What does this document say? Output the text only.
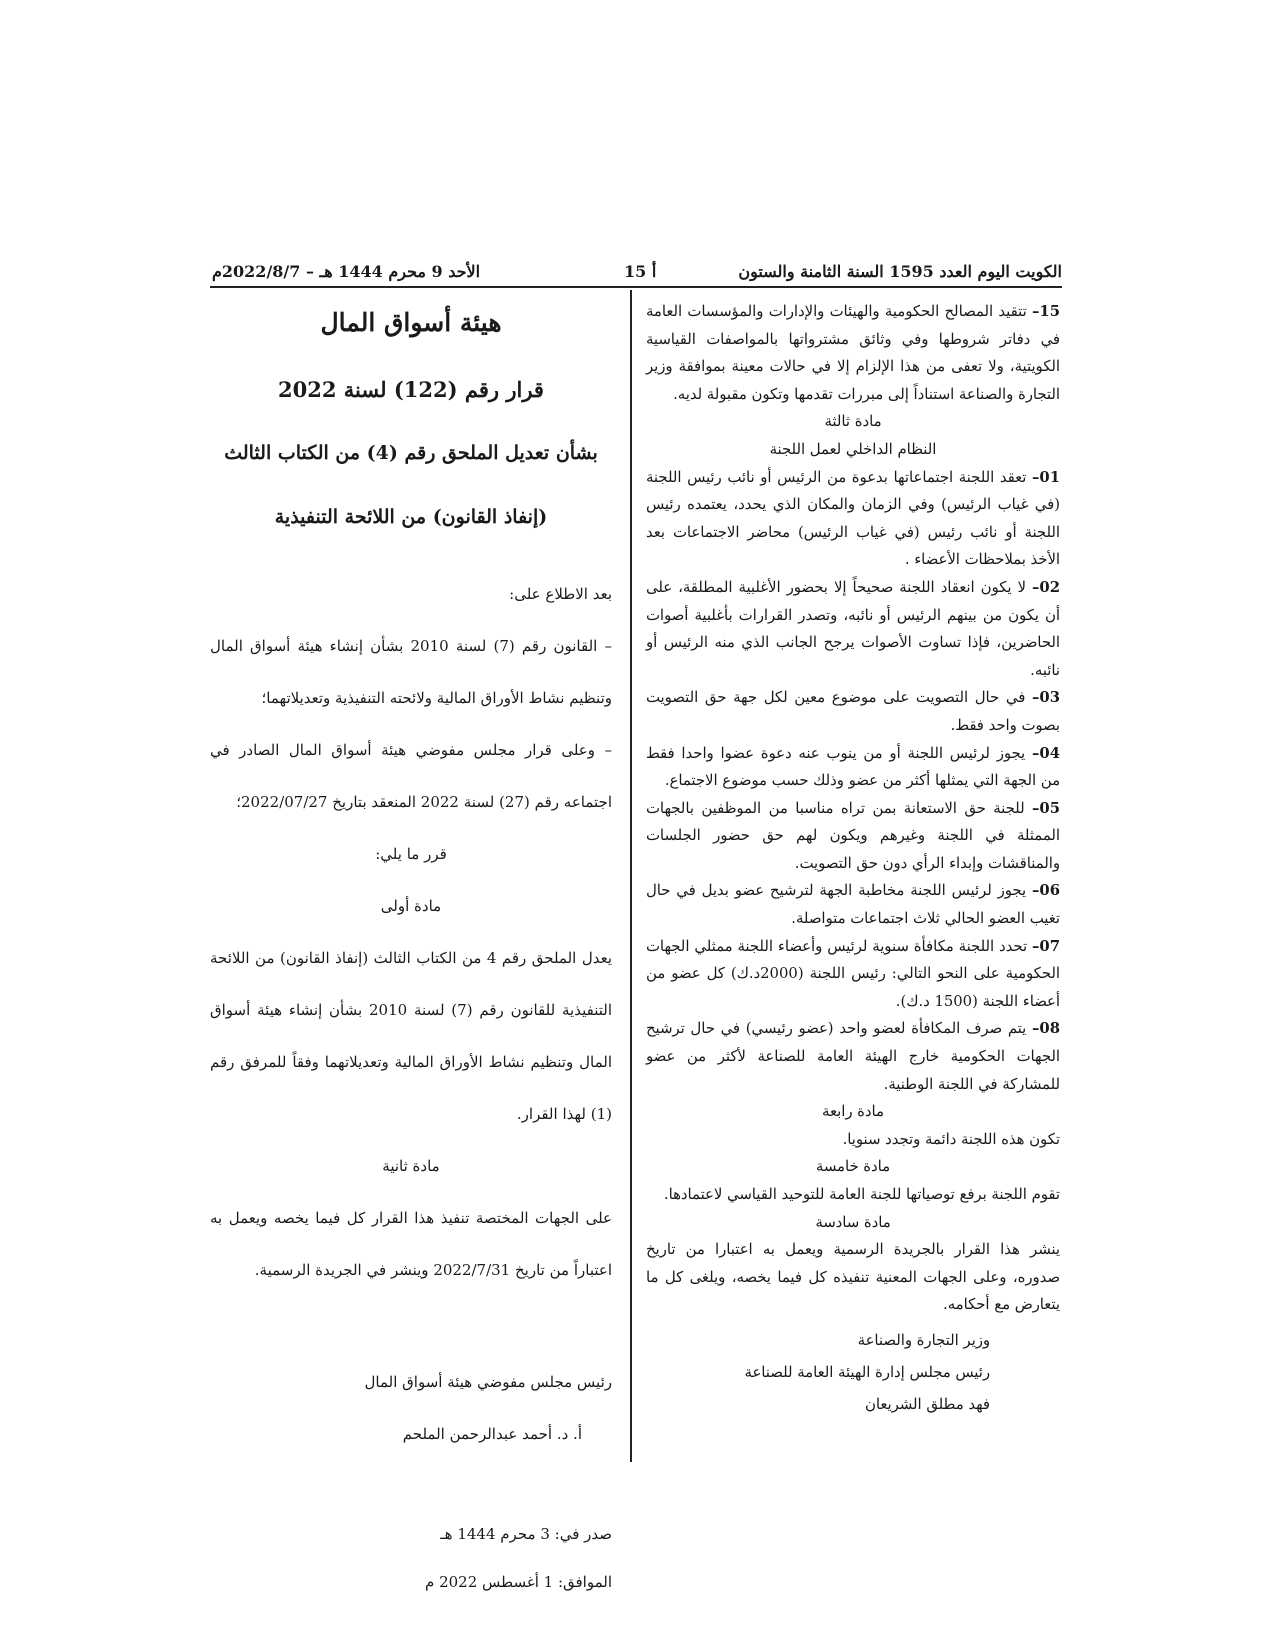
الكويت اليوم العدد 1595 السنة الثامنة والستون
أ 15
الأحد 9 محرم 1444 هـ – 2022/8/7م

15– تتقيد المصالح الحكومية والهيئات والإدارات والمؤسسات العامة في دفاتر شروطها وفي وثائق مشترواتها بالمواصفات القياسية الكويتية، ولا تعفى من هذا الإلزام إلا في حالات معينة بموافقة وزير التجارة والصناعة استناداً إلى مبررات تقدمها وتكون مقبولة لديه.

مادة ثالثة

النظام الداخلي لعمل اللجنة

01– تعقد اللجنة اجتماعاتها بدعوة من الرئيس أو نائب رئيس اللجنة (في غياب الرئيس) وفي الزمان والمكان الذي يحدد، يعتمده رئيس اللجنة أو نائب رئيس (في غياب الرئيس) محاضر الاجتماعات بعد الأخذ بملاحظات الأعضاء .

02– لا يكون انعقاد اللجنة صحيحاً إلا بحضور الأغلبية المطلقة، على أن يكون من بينهم الرئيس أو نائبه، وتصدر القرارات بأغلبية أصوات الحاضرين، فإذا تساوت الأصوات يرجح الجانب الذي منه الرئيس أو نائبه.

03– في حال التصويت على موضوع معين لكل جهة حق التصويت بصوت واحد فقط.

04– يجوز لرئيس اللجنة أو من ينوب عنه دعوة عضوا واحدا فقط من الجهة التي يمثلها أكثر من عضو وذلك حسب موضوع الاجتماع.

05– للجنة حق الاستعانة بمن تراه مناسبا من الموظفين بالجهات الممثلة في اللجنة وغيرهم ويكون لهم حق حضور الجلسات والمناقشات وإبداء الرأي دون حق التصويت.

06– يجوز لرئيس اللجنة مخاطبة الجهة لترشيح عضو بديل في حال تغيب العضو الحالي ثلاث اجتماعات متواصلة.

07– تحدد اللجنة مكافأة سنوية لرئيس وأعضاء اللجنة ممثلي الجهات الحكومية على النحو التالي: رئيس اللجنة (2000د.ك) كل عضو من أعضاء اللجنة (1500 د.ك).

08– يتم صرف المكافأة لعضو واحد (عضو رئيسي) في حال ترشيح الجهات الحكومية خارج الهيئة العامة للصناعة لأكثر من عضو للمشاركة في اللجنة الوطنية.

مادة رابعة

تكون هذه اللجنة دائمة وتجدد سنويا.

مادة خامسة

تقوم اللجنة برفع توصياتها للجنة العامة للتوحيد القياسي لاعتمادها.

مادة سادسة

ينشر هذا القرار بالجريدة الرسمية ويعمل به اعتبارا من تاريخ صدوره، وعلى الجهات المعنية تنفيذه كل فيما يخصه، ويلغى كل ما يتعارض مع أحكامه.

وزير التجارة والصناعة
رئيس مجلس إدارة الهيئة العامة للصناعة
فهد مطلق الشريعان
هيئة أسواق المال
قرار رقم (122) لسنة 2022
بشأن تعديل الملحق رقم (4) من الكتاب الثالث
(إنفاذ القانون) من اللائحة التنفيذية

بعد الاطلاع على:

– القانون رقم (7) لسنة 2010 بشأن إنشاء هيئة أسواق المال وتنظيم نشاط الأوراق المالية ولائحته التنفيذية وتعديلاتهما؛

– وعلى قرار مجلس مفوضي هيئة أسواق المال الصادر في اجتماعه رقم (27) لسنة 2022 المنعقد بتاريخ 2022/07/27؛

قرر ما يلي:

مادة أولى

يعدل الملحق رقم 4 من الكتاب الثالث (إنفاذ القانون) من اللائحة التنفيذية للقانون رقم (7) لسنة 2010 بشأن إنشاء هيئة أسواق المال وتنظيم نشاط الأوراق المالية وتعديلاتهما وفقاً للمرفق رقم (1) لهذا القرار.

مادة ثانية

على الجهات المختصة تنفيذ هذا القرار كل فيما يخصه ويعمل به اعتباراً من تاريخ 2022/7/31 وينشر في الجريدة الرسمية.

رئيس مجلس مفوضي هيئة أسواق المال
أ. د. أحمد عبدالرحمن الملحم
صدر في: 3 محرم 1444 هـ
الموافق: 1 أغسطس 2022 م
